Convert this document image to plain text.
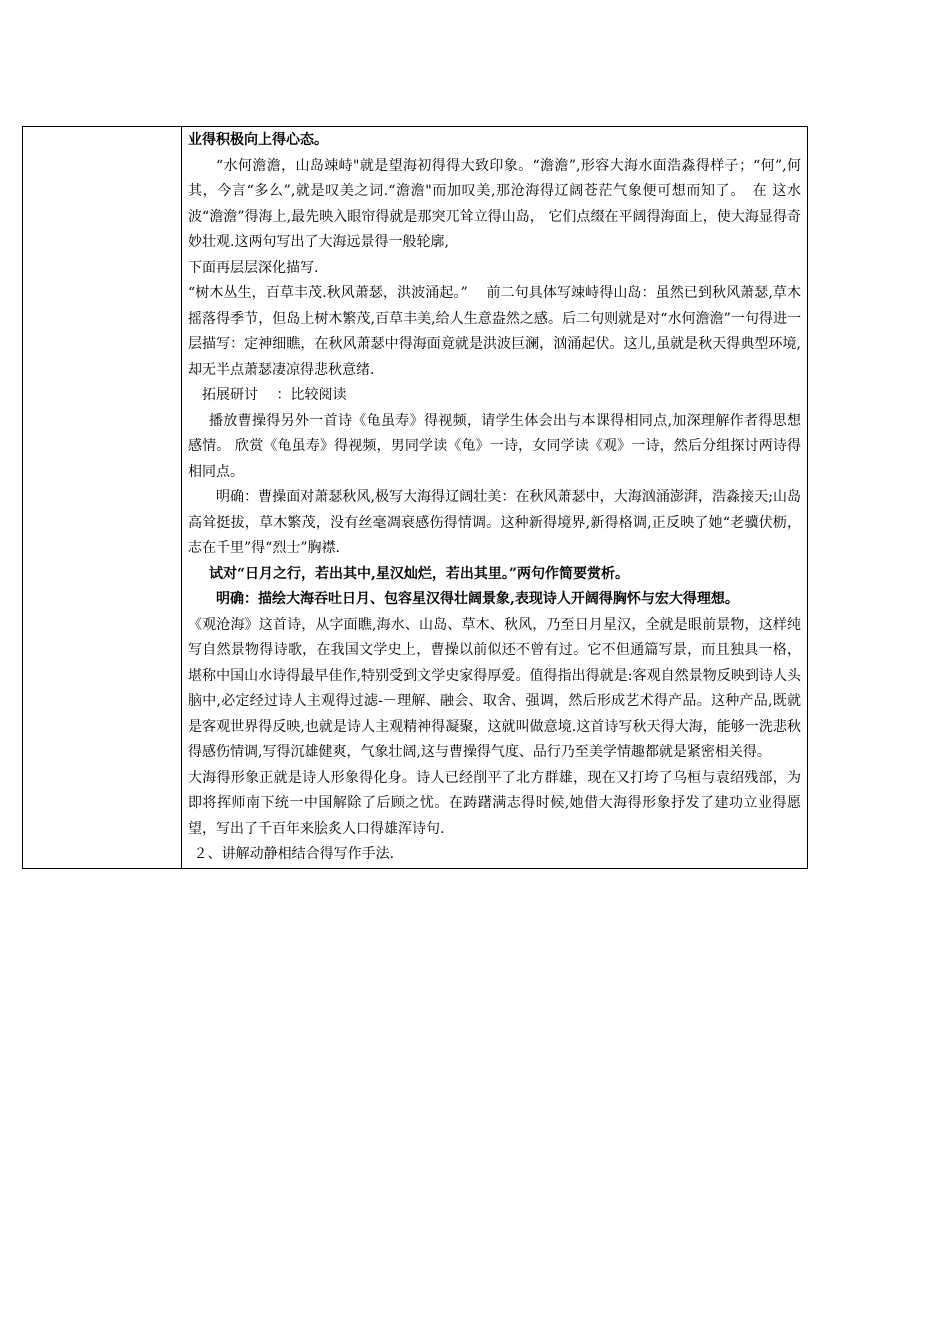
业得积极向上得心态。

“水何澹澹，山岛竦峙"就是望海初得得大致印象。“澹澹”,形容大海水面浩淼得样子；“何”,何其，今言“多么”,就是叹美之词.“澹澹"而加叹美,那沧海得辽阔苍茫气象便可想而知了。　在 这水波“澹澹”得海上,最先映入眼帘得就是那突兀耸立得山岛， 它们点缀在平阔得海面上，使大海显得奇妙壮观.这两句写出了大海远景得一般轮廓,

下面再层层深化描写.

“树木丛生，百草丰茂.秋风萧瑟，洪波涌起。”　 前二句具体写竦峙得山岛：虽然已到秋风萧瑟,草木摇落得季节，但岛上树木繁茂,百草丰美,给人生意盎然之感。后二句则就是对“水何澹澹”一句得进一层描写：定神细瞧，在秋风萧瑟中得海面竟就是洪波巨澜，汹涌起伏。这儿,虽就是秋天得典型环境,却无半点萧瑟凄凉得悲秋意绪.

拓展研讨 　：比较阅读

播放曹操得另外一首诗《龟虽寿》得视频，请学生体会出与本课得相同点,加深理解作者得思想感情。 欣赏《龟虽寿》得视频，男同学读《龟》一诗，女同学读《观》一诗，然后分组探讨两诗得相同点。

明确：曹操面对萧瑟秋风,极写大海得辽阔壮美：在秋风萧瑟中，大海汹涌澎湃，浩淼接天;山岛高耸挺拔，草木繁茂，没有丝毫凋衰感伤得情调。这种新得境界,新得格调,正反映了她“老骥伏枥，志在千里”得“烈士”胸襟.

试对“日月之行，若出其中,星汉灿烂，若出其里。”两句作简要赏析。

明确：描绘大海吞吐日月、包容星汉得壮阔景象,表现诗人开阔得胸怀与宏大得理想。

《观沧海》这首诗，从字面瞧,海水、山岛、草木、秋风，乃至日月星汉，全就是眼前景物，这样纯写自然景物得诗歌，在我国文学史上，曹操以前似还不曾有过。它不但通篇写景，而且独具一格，堪称中国山水诗得最早佳作,特别受到文学史家得厚爱。值得指出得就是:客观自然景物反映到诗人头脑中,必定经过诗人主观得过滤-－理解、融会、取舍、强调，然后形成艺术得产品。这种产品,既就是客观世界得反映,也就是诗人主观精神得凝聚，这就叫做意境.这首诗写秋天得大海，能够一洗悲秋得感伤情调,写得沉雄健爽，气象壮阔,这与曹操得气度、品行乃至美学情趣都就是紧密相关得。

大海得形象正就是诗人形象得化身。诗人已经削平了北方群雄，现在又打垮了乌桓与袁绍残部，为即将挥师南下统一中国解除了后顾之忧。在踌躇满志得时候,她借大海得形象抒发了建功立业得愿望，写出了千百年来脍炙人口得雄浑诗句.

２、讲解动静相结合得写作手法.
